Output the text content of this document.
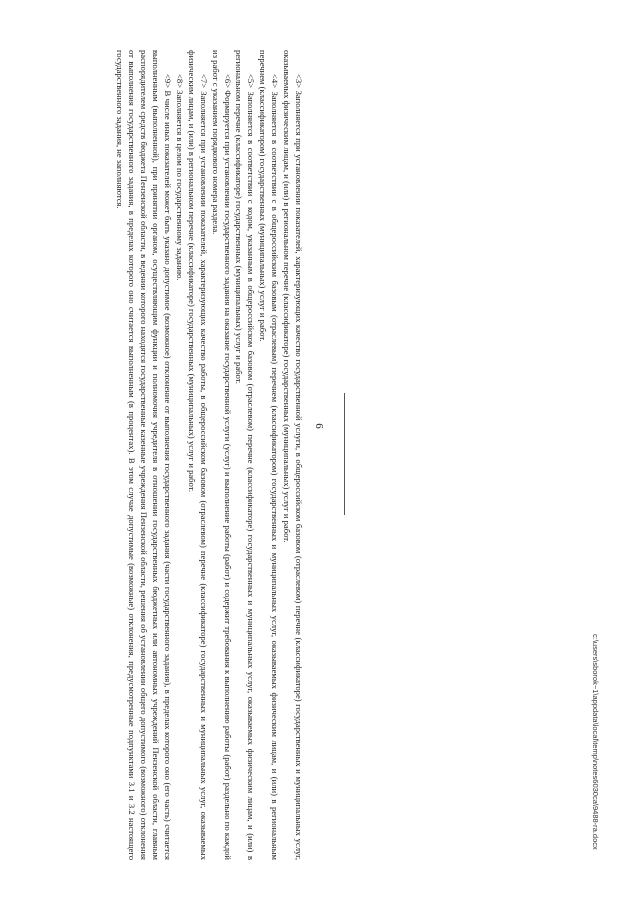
6

<3> Заполняется при установлении показателей, характеризующих качество государственной услуги, в общероссийском базовом (отраслевом) перечне (классификаторе) государственных и муниципальных услуг, оказываемых физическим лицам, и (или) в региональном перечне (классификаторе) государственных (муниципальных) услуг и работ.

<4> Заполняется в соответствии с в общероссийским базовым (отраслевым) перечнем (классификатором) государственных и муниципальных услуг, оказываемых физическим лицам, и (или) в региональным перечнем (классификатором) государственных (муниципальных) услуг и работ.

<5> Заполняется в соответствии с кодом, указанным в общероссийском базовом (отраслевом) перечне (классификаторе) государственных и муниципальных услуг, оказываемых физическим лицам, и (или) в региональном перечне (классификаторе) государственных (муниципальных) услуг и работ.

<6> Формируется при установлении государственного задания на оказание государственной услуги (услуг) и выполнение работы (работ) и содержит требования к выполнению работы (работ) раздельно по каждой из работ с указанием порядкового номера раздела.

<7> Заполняется при установлении показателей, характеризующих качество работы, в общероссийском базовом (отраслевом) перечне (классификаторе) государственных и муниципальных услуг, оказываемых физическим лицам, и (или) в региональном перечне (классификаторе) государственных (муниципальных) услуг и работ.

<8> Заполняется в целом по государственному заданию.

<9> В числе иных показателей может быть указано допустимое (возможное) отклонение от выполнения государственного задания (части государственного задания), в пределах которого оно (его часть) считается выполненным (выполненной), при принятии органом, осуществляющим функции и полномочия учредителя в отношении государственных бюджетных или автономных учреждений Пензенской области, главным распорядителем средств бюджета Пензенской области, в ведении которого находятся государственные казенные учреждения Пензенской области, решения об установлении общего допустимого (возможного) отклонения от выполнения государственного задания, в пределах которого оно считается выполненным (в процентах). В этом случае допустимые (возможные) отклонения, предусмотренные подпунктами 3.1 и 3.2 настоящего государственного задания, не заполняются.

c:\users\sborok~1\appdata\local\temp\notes6030ca\9488-ra.docx
